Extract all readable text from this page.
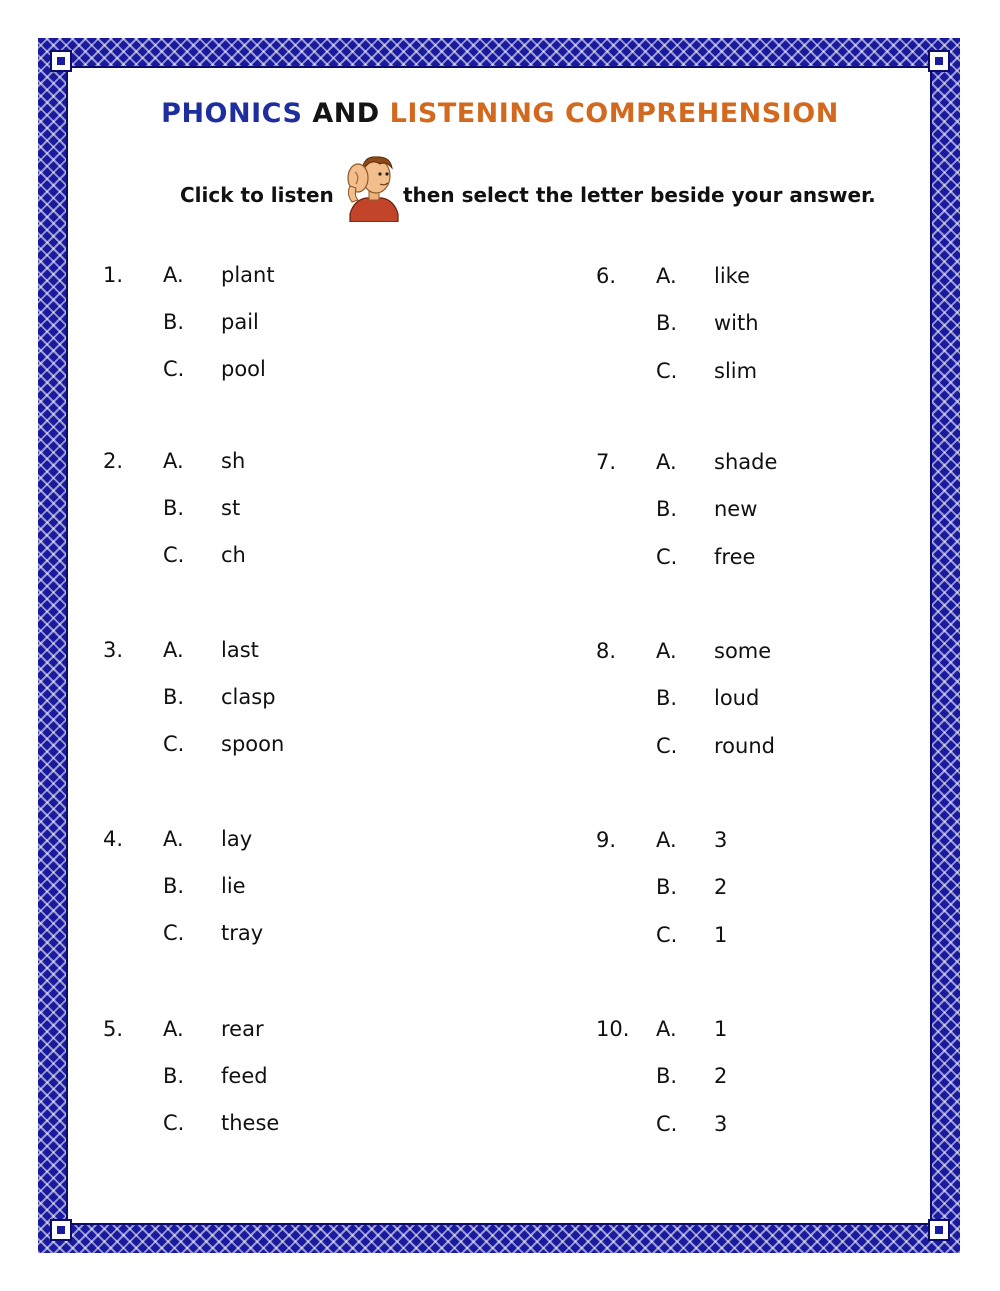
PHONICS AND LISTENING COMPREHENSION
Click to listen	then select the letter beside your answer.
1. A. plant
B. pail
C. pool
2. A. sh
B. st
C. ch
3. A. last
B. clasp
C. spoon
4. A. lay
B. lie
C. tray
5. A. rear
B. feed
C. these
6. A. like
B. with
C. slim
7. A. shade
B. new
C. free
8. A. some
B. loud
C. round
9. A. 3
B. 2
C. 1
10. A. 1
B. 2
C. 3
